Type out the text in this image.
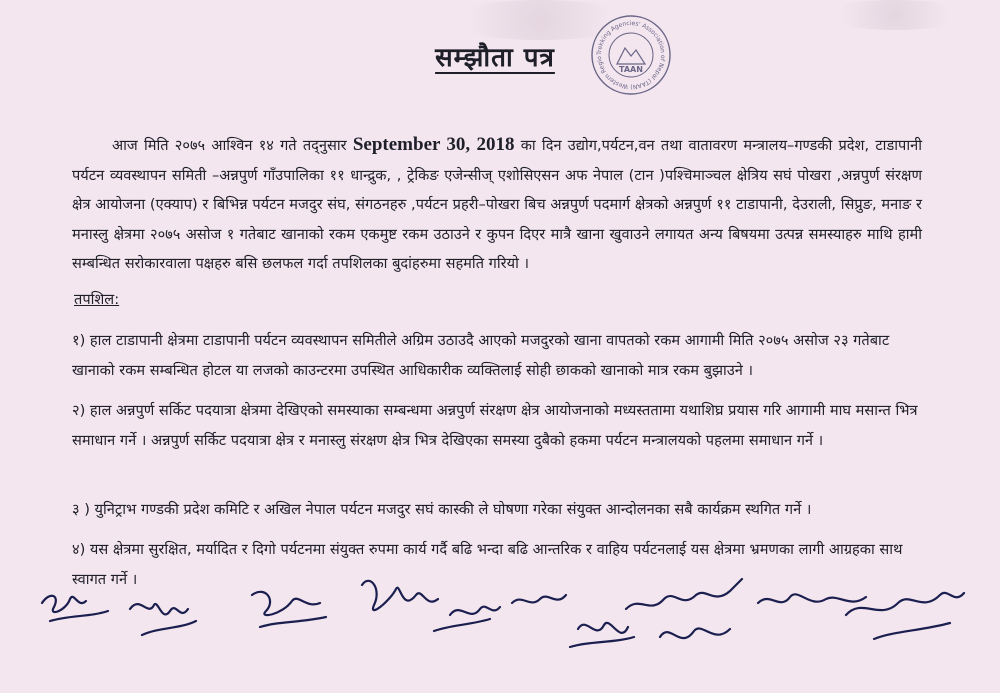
सम्झौता पत्र	Trekking Agencies' Association of Nepal (TAAN) Western Regio
TAAN
आज मिति २०७५ आश्विन १४ गते तद्नुसार September 30, 2018 का दिन उद्योग,पर्यटन,वन तथा वातावरण मन्त्रालय–गण्डकी प्रदेश, टाडापानी पर्यटन व्यवस्थापन समिती –अन्नपुर्ण गाँउपालिका ११ धान्द्रुक, , ट्रेकिङ एजेन्सीज् एशोसिएसन अफ नेपाल (टान )पश्चिमाञ्चल क्षेत्रिय सघं पोखरा ,अन्नपुर्ण संरक्षण क्षेत्र आयोजना (एक्याप) र बिभिन्न पर्यटन मजदुर संघ, संगठनहरु ,पर्यटन प्रहरी–पोखरा बिच अन्नपुर्ण पदमार्ग क्षेत्रको अन्नपुर्ण ११ टाडापानी, देउराली, सिप्रुङ, मनाङ र मनास्लु क्षेत्रमा २०७५ असोज १ गतेबाट खानाको रकम एकमुष्ट रकम उठाउने र कुपन दिएर मात्रै खाना खुवाउने लगायत अन्य बिषयमा उत्पन्न समस्याहरु माथि हामी सम्बन्धित सरोकारवाला पक्षहरु बसि छलफल गर्दा तपशिलका बुदांहरुमा सहमति गरियो ।
तपशिल:
१) हाल टाडापानी क्षेत्रमा टाडापानी पर्यटन व्यवस्थापन समितीले अग्रिम उठाउदै आएको मजदुरको खाना वापतको रकम आगामी मिति २०७५ असोज २३ गतेबाट खानाको रकम सम्बन्धित होटल या लजको काउन्टरमा उपस्थित आधिकारीक व्यक्तिलाई सोही छाकको खानाको मात्र रकम बुझाउने ।
२) हाल अन्नपुर्ण सर्किट पदयात्रा क्षेत्रमा देखिएको समस्याका सम्बन्धमा अन्नपुर्ण संरक्षण क्षेत्र आयोजनाको मध्यस्ततामा यथाशिघ्र प्रयास गरि आगामी माघ मसान्त भित्र समाधान गर्ने । अन्नपुर्ण सर्किट पदयात्रा क्षेत्र र मनास्लु संरक्षण क्षेत्र भित्र देखिएका समस्या दुबैको हकमा पर्यटन मन्त्रालयको पहलमा समाधान गर्ने ।
३ ) युनिट्राभ गण्डकी प्रदेश कमिटि र अखिल नेपाल पर्यटन मजदुर सघं कास्की ले घोषणा गरेका संयुक्त आन्दोलनका सबै कार्यक्रम स्थगित गर्ने ।
४) यस क्षेत्रमा सुरक्षित, मर्यादित र दिगो पर्यटनमा संयुक्त रुपमा कार्य गर्दै बढि भन्दा बढि आन्तरिक र वाहिय पर्यटनलाई यस क्षेत्रमा भ्रमणका लागी आग्रहका साथ स्वागत गर्ने ।
